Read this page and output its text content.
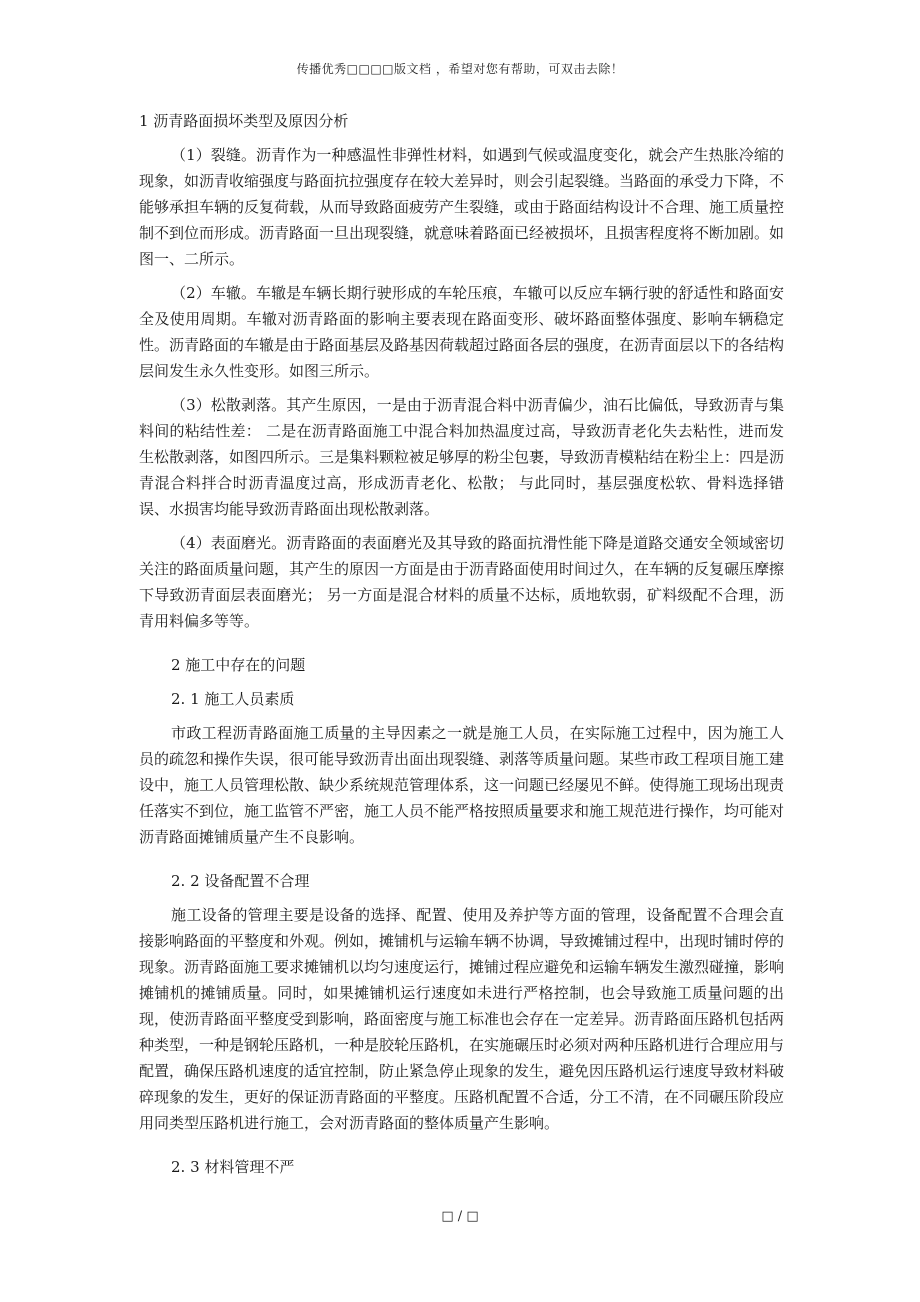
传播优秀□□□□版文档 ，希望对您有帮助，可双击去除！

1 沥青路面损坏类型及原因分析

（1）裂缝。沥青作为一种感温性非弹性材料，如遇到气候或温度变化，就会产生热胀冷缩的现象，如沥青收缩强度与路面抗拉强度存在较大差异时，则会引起裂缝。当路面的承受力下降，不能够承担车辆的反复荷载，从而导致路面疲劳产生裂缝，或由于路面结构设计不合理、施工质量控制不到位而形成。沥青路面一旦出现裂缝，就意味着路面已经被损坏，且损害程度将不断加剧。如图一、二所示。

（2）车辙。车辙是车辆长期行驶形成的车轮压痕，车辙可以反应车辆行驶的舒适性和路面安全及使用周期。车辙对沥青路面的影响主要表现在路面变形、破坏路面整体强度、影响车辆稳定性。沥青路面的车辙是由于路面基层及路基因荷载超过路面各层的强度，在沥青面层以下的各结构层间发生永久性变形。如图三所示。

（3）松散剥落。其产生原因，一是由于沥青混合料中沥青偏少，油石比偏低，导致沥青与集料间的粘结性差： 二是在沥青路面施工中混合料加热温度过高，导致沥青老化失去粘性，进而发生松散剥落，如图四所示。三是集料颗粒被足够厚的粉尘包裹，导致沥青模粘结在粉尘上：四是沥青混合料拌合时沥青温度过高，形成沥青老化、松散； 与此同时，基层强度松软、骨料选择错误、水损害均能导致沥青路面出现松散剥落。

（4）表面磨光。沥青路面的表面磨光及其导致的路面抗滑性能下降是道路交通安全领域密切关注的路面质量问题，其产生的原因一方面是由于沥青路面使用时间过久，在车辆的反复碾压摩擦下导致沥青面层表面磨光； 另一方面是混合材料的质量不达标，质地软弱，矿料级配不合理，沥青用料偏多等等。

2 施工中存在的问题

2. 1 施工人员素质

市政工程沥青路面施工质量的主导因素之一就是施工人员，在实际施工过程中，因为施工人员的疏忽和操作失误，很可能导致沥青出面出现裂缝、剥落等质量问题。某些市政工程项目施工建设中，施工人员管理松散、缺少系统规范管理体系，这一问题已经屡见不鲜。使得施工现场出现责任落实不到位，施工监管不严密，施工人员不能严格按照质量要求和施工规范进行操作，均可能对沥青路面摊铺质量产生不良影响。

2. 2 设备配置不合理

施工设备的管理主要是设备的选择、配置、使用及养护等方面的管理，设备配置不合理会直接影响路面的平整度和外观。例如，摊铺机与运输车辆不协调，导致摊铺过程中，出现时铺时停的现象。沥青路面施工要求摊铺机以均匀速度运行，摊铺过程应避免和运输车辆发生激烈碰撞，影响摊铺机的摊铺质量。同时，如果摊铺机运行速度如未进行严格控制，也会导致施工质量问题的出现，使沥青路面平整度受到影响，路面密度与施工标准也会存在一定差异。沥青路面压路机包括两种类型，一种是钢轮压路机，一种是胶轮压路机，在实施碾压时必须对两种压路机进行合理应用与配置，确保压路机速度的适宜控制，防止紧急停止现象的发生，避免因压路机运行速度导致材料破碎现象的发生，更好的保证沥青路面的平整度。压路机配置不合适，分工不清，在不同碾压阶段应用同类型压路机进行施工，会对沥青路面的整体质量产生影响。

2. 3 材料管理不严

□ / □
